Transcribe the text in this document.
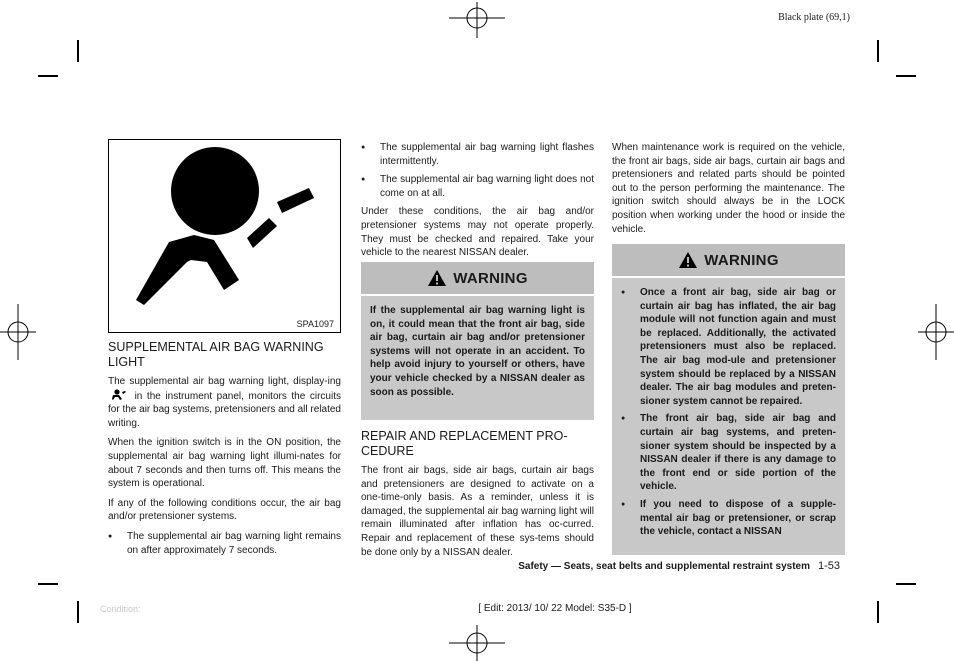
Black plate (69,1)
SPA1097
SUPPLEMENTAL AIR BAG WARNING LIGHT

The supplemental air bag warning light, display-ing  in the instrument panel, monitors the circuits for the air bag systems, pretensioners and all related writing.

When the ignition switch is in the ON position, the supplemental air bag warning light illumi-nates for about 7 seconds and then turns off. This means the system is operational.

If any of the following conditions occur, the air bag and/or pretensioner systems.

● The supplemental air bag warning light remains on after approximately 7 seconds.
● The supplemental air bag warning light flashes intermittently.
● The supplemental air bag warning light does not come on at all.

Under these conditions, the air bag and/or pretensioner systems may not operate properly. They must be checked and repaired. Take your vehicle to the nearest NISSAN dealer.

WARNING
If the supplemental air bag warning light is on, it could mean that the front air bag, side air bag, curtain air bag and/or pretensioner systems will not operate in an accident. To help avoid injury to yourself or others, have your vehicle checked by a NISSAN dealer as soon as possible.
REPAIR AND REPLACEMENT PRO-CEDURE

The front air bags, side air bags, curtain air bags and pretensioners are designed to activate on a one-time-only basis. As a reminder, unless it is damaged, the supplemental air bag warning light will remain illuminated after inflation has oc-curred. Repair and replacement of these sys-tems should be done only by a NISSAN dealer.

When maintenance work is required on the vehicle, the front air bags, side air bags, curtain air bags and pretensioners and related parts should be pointed out to the person performing the maintenance. The ignition switch should always be in the LOCK position when working under the hood or inside the vehicle.

WARNING
● Once a front air bag, side air bag or curtain air bag has inflated, the air bag module will not function again and must be replaced. Additionally, the activated pretensioners must also be replaced. The air bag mod-ule and pretensioner system should be replaced by a NISSAN dealer. The air bag modules and preten-sioner system cannot be repaired.
● The front air bag, side air bag and curtain air bag systems, and preten-sioner system should be inspected by a NISSAN dealer if there is any damage to the front end or side portion of the vehicle.
● If you need to dispose of a supple-mental air bag or pretensioner, or scrap the vehicle, contact a NISSAN
Safety — Seats, seat belts and supplemental restraint system 1-53
Condition:	[ Edit: 2013/ 10/ 22 Model: S35-D ]
